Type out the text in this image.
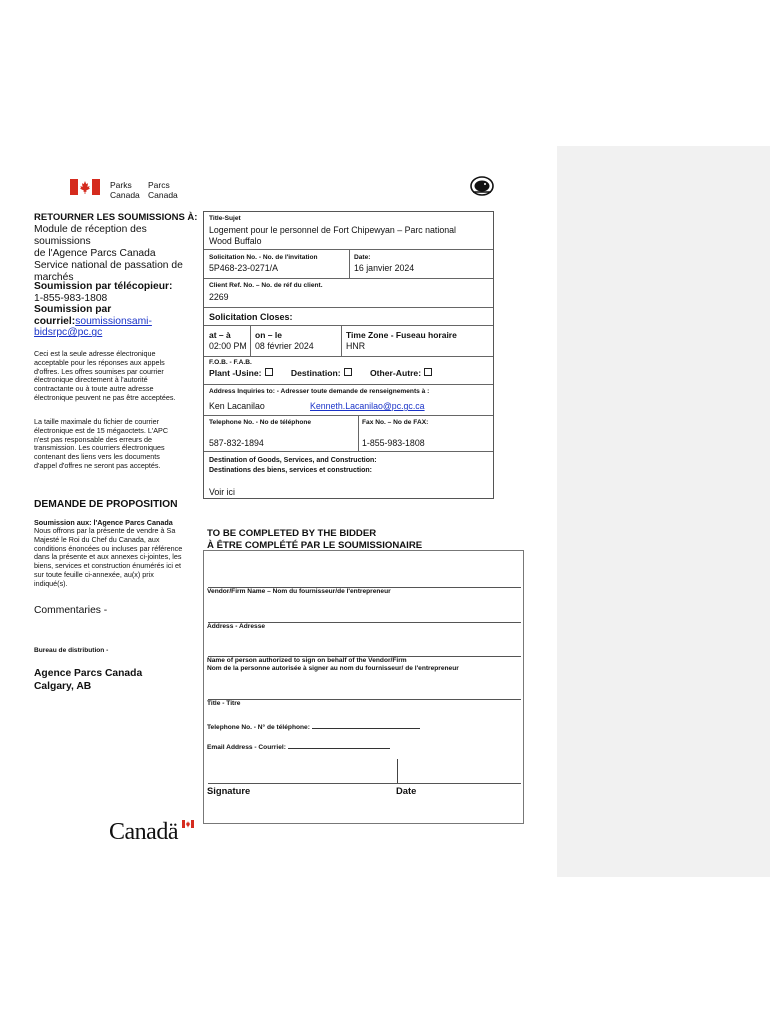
Parks
Canada
Parcs
Canada
RETOURNER LES SOUMISSIONS À:
Module de réception des soumissions
de l'Agence Parcs Canada
Service national de passation de
marchés
Soumission par télécopieur:
1-855-983-1808
Soumission par
courriel:soumissionsami-
bidsrpc@pc.gc
Ceci est la seule adresse électronique
acceptable pour les réponses aux appels
d'offres. Les offres soumises par courrier
électronique directement à l'autorité
contractante ou à toute autre adresse
électronique peuvent ne pas être acceptées.
La taille maximale du fichier de courrier
électronique est de 15 mégaoctets. L'APC
n'est pas responsable des erreurs de
transmission. Les courriers électroniques
contenant des liens vers les documents
d'appel d'offres ne seront pas acceptés.
DEMANDE DE PROPOSITION
Soumission aux: l'Agence Parcs Canada
Nous offrons par la présente de vendre à Sa
Majesté le Roi du Chef du Canada, aux
conditions énoncées ou incluses par référence
dans la présente et aux annexes ci-jointes, les
biens, services et construction énumérés ici et
sur toute feuille ci-annexée, au(x) prix
indiqué(s).
Commentaries -
Bureau de distribution -
Agence Parcs Canada
Calgary, AB
Title-Sujet
Logement pour le personnel de Fort Chipewyan – Parc national
Wood Buffalo
Solicitation No. - No. de l'invitation
5P468-23-0271/A
Date:
16 janvier 2024
Client Ref. No. – No. de réf du client.
2269
Solicitation Closes:
at – à
02:00 PM
on – le
08 février 2024
Time Zone - Fuseau horaire
HNR
F.O.B. - F.A.B.
Plant -Usine:	Destination:	Other-Autre:
Address Inquiries to: - Adresser toute demande de renseignements à :
Ken Lacanilao	Kenneth.Lacanilao@pc.gc.ca
Telephone No. - No de téléphone
587-832-1894
Fax No. – No de FAX:
1-855-983-1808
Destination of Goods, Services, and Construction:
Destinations des biens, services et construction:
Voir ici
TO BE COMPLETED BY THE BIDDER
À ÊTRE COMPLÉTÉ PAR LE SOUMISSIONAIRE
Vendor/Firm Name – Nom du fournisseur/de l'entrepreneur
Address - Adresse
Name of person authorized to sign on behalf of the Vendor/Firm
Nom de la personne autorisée à signer au nom du fournisseur/ de l'entrepreneur
Title - Titre
Telephone No. - N° de téléphone:
Email Address - Courriel:
Signature	Date
Canadä
